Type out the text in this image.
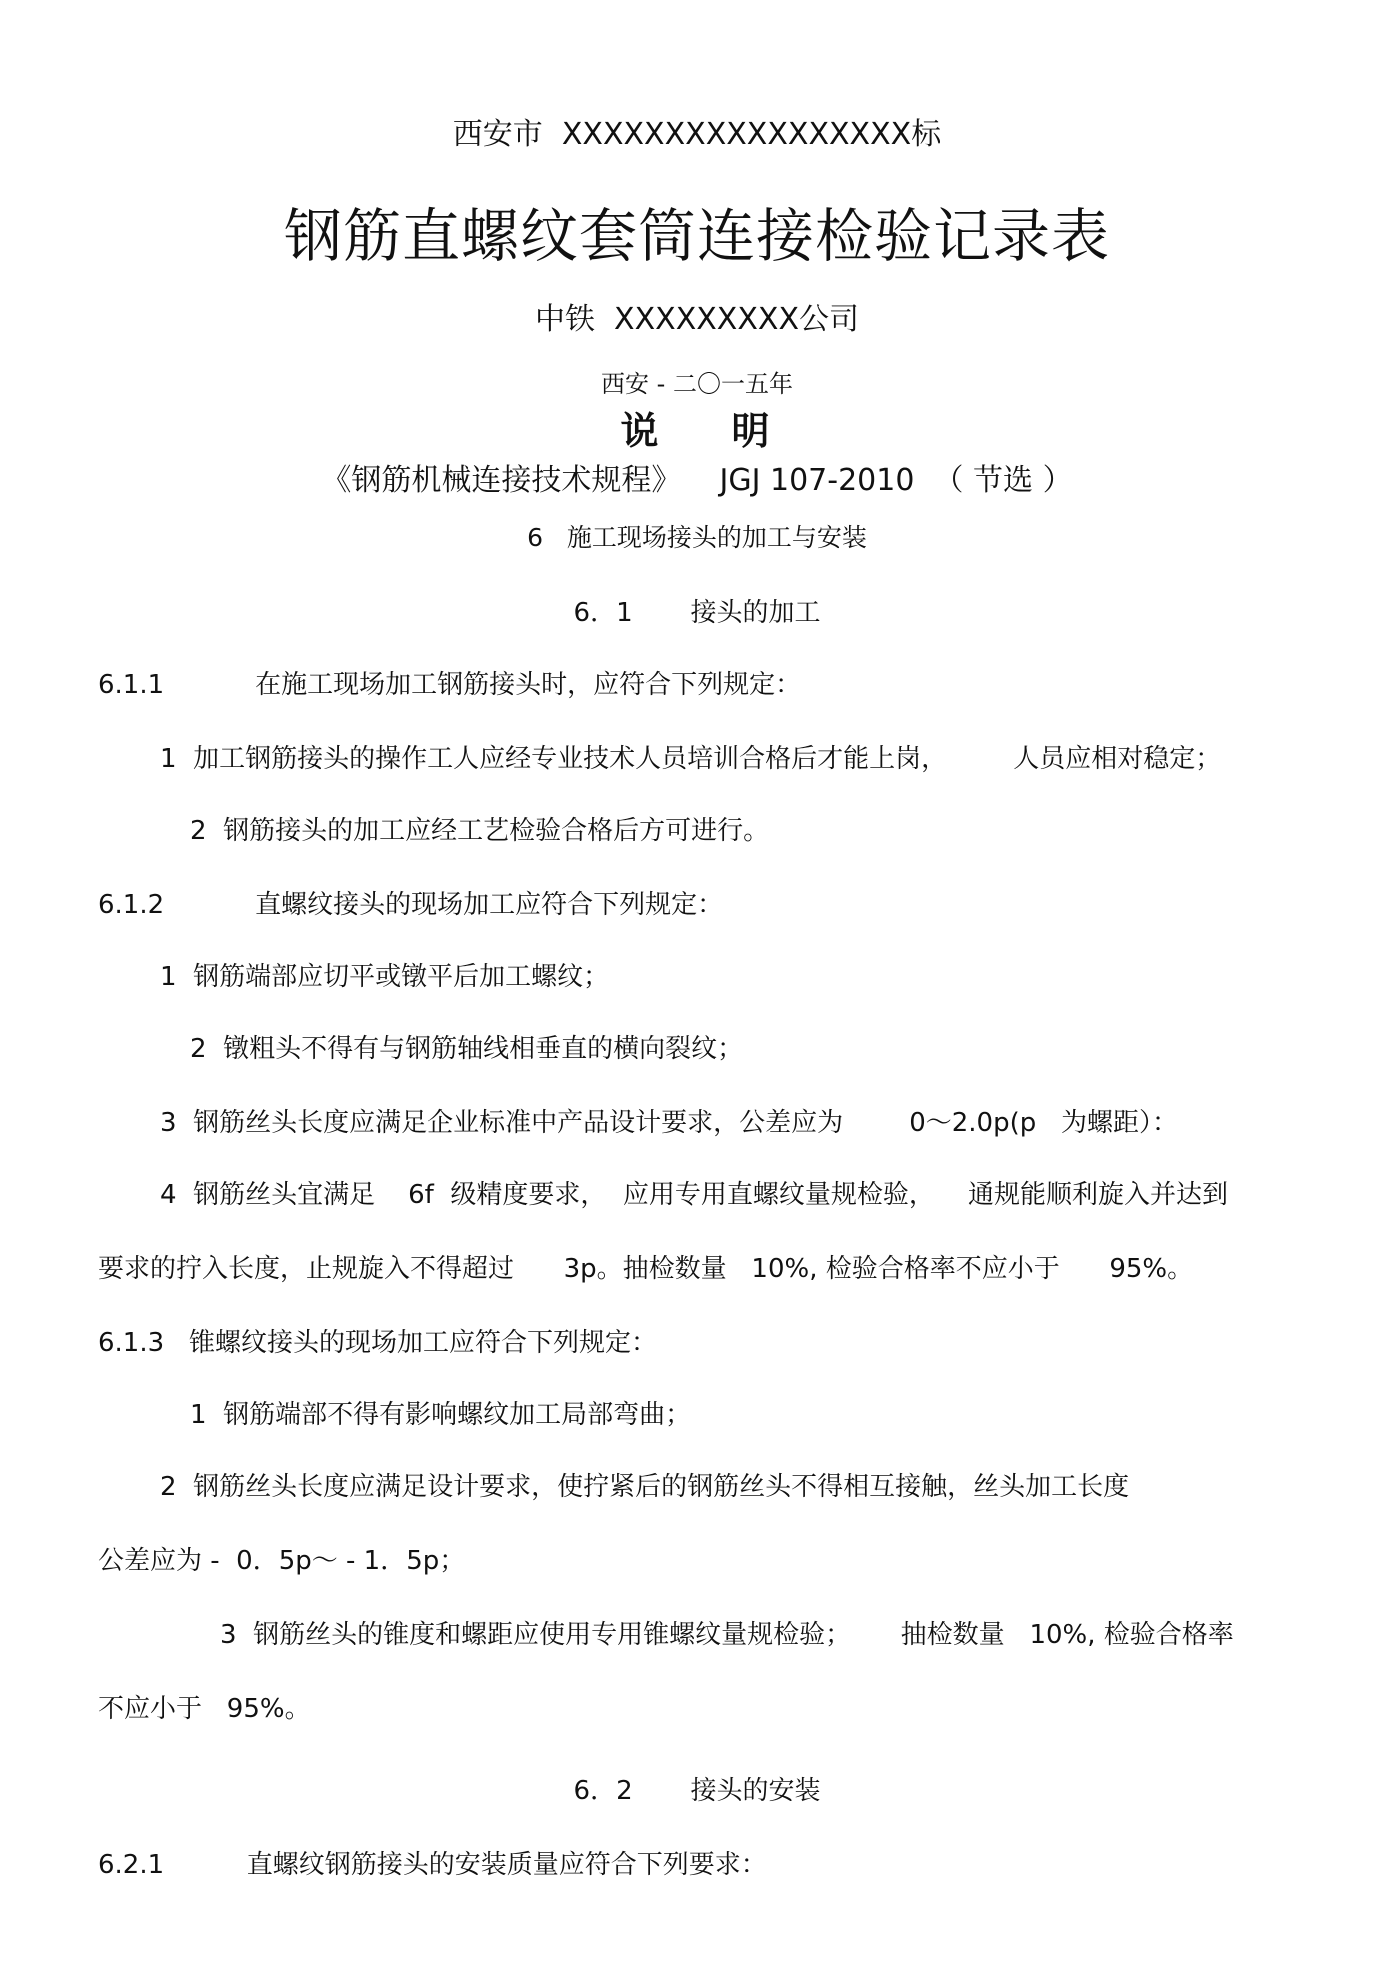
西安市  XXXXXXXXXXXXXXXXX标
钢筋直螺纹套筒连接检验记录表
中铁  XXXXXXXXX公司
西安 - 二〇一五年
说    明
《钢筋机械连接技术规程》    JGJ 107-2010  （ 节选 ）
6   施工现场接头的加工与安装
6．1       接头的加工
6.1.1           在施工现场加工钢筋接头时，应符合下列规定：
1  加工钢筋接头的操作工人应经专业技术人员培训合格后才能上岗，        人员应相对稳定；
2  钢筋接头的加工应经工艺检验合格后方可进行。
6.1.2           直螺纹接头的现场加工应符合下列规定：
1  钢筋端部应切平或镦平后加工螺纹；
2  镦粗头不得有与钢筋轴线相垂直的横向裂纹；
3  钢筋丝头长度应满足企业标准中产品设计要求，公差应为        0～2.0p(p   为螺距）：
4  钢筋丝头宜满足    6f  级精度要求，  应用专用直螺纹量规检验，    通规能顺利旋入并达到
要求的拧入长度，止规旋入不得超过      3p。抽检数量   10%, 检验合格率不应小于      95%。
6.1.3   锥螺纹接头的现场加工应符合下列规定：
1  钢筋端部不得有影响螺纹加工局部弯曲；
2  钢筋丝头长度应满足设计要求，使拧紧后的钢筋丝头不得相互接触，丝头加工长度
公差应为 -  0．5p～ - 1．5p；
3  钢筋丝头的锥度和螺距应使用专用锥螺纹量规检验；      抽检数量   10%, 检验合格率
不应小于   95%。
6．2       接头的安装
6.2.1          直螺纹钢筋接头的安装质量应符合下列要求：
